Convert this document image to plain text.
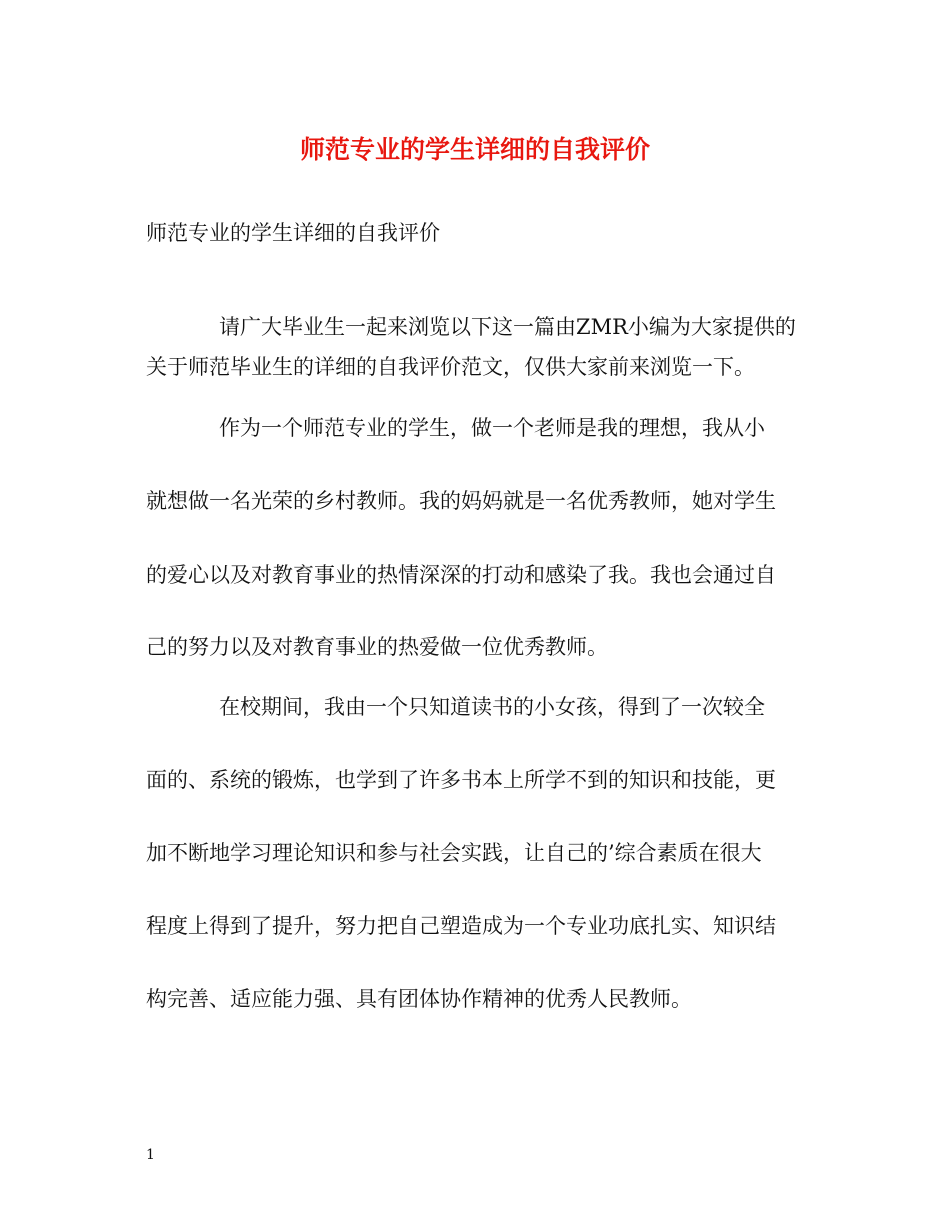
师范专业的学生详细的自我评价
师范专业的学生详细的自我评价
请广大毕业生一起来浏览以下这一篇由ZMR小编为大家提供的
关于师范毕业生的详细的自我评价范文，仅供大家前来浏览一下。
作为一个师范专业的学生，做一个老师是我的理想，我从小
就想做一名光荣的乡村教师。我的妈妈就是一名优秀教师，她对学生
的爱心以及对教育事业的热情深深的打动和感染了我。我也会通过自
己的努力以及对教育事业的热爱做一位优秀教师。
在校期间，我由一个只知道读书的小女孩，得到了一次较全
面的、系统的锻炼，也学到了许多书本上所学不到的知识和技能，更
加不断地学习理论知识和参与社会实践，让自己的’综合素质在很大
程度上得到了提升，努力把自己塑造成为一个专业功底扎实、知识结
构完善、适应能力强、具有团体协作精神的优秀人民教师。
1
